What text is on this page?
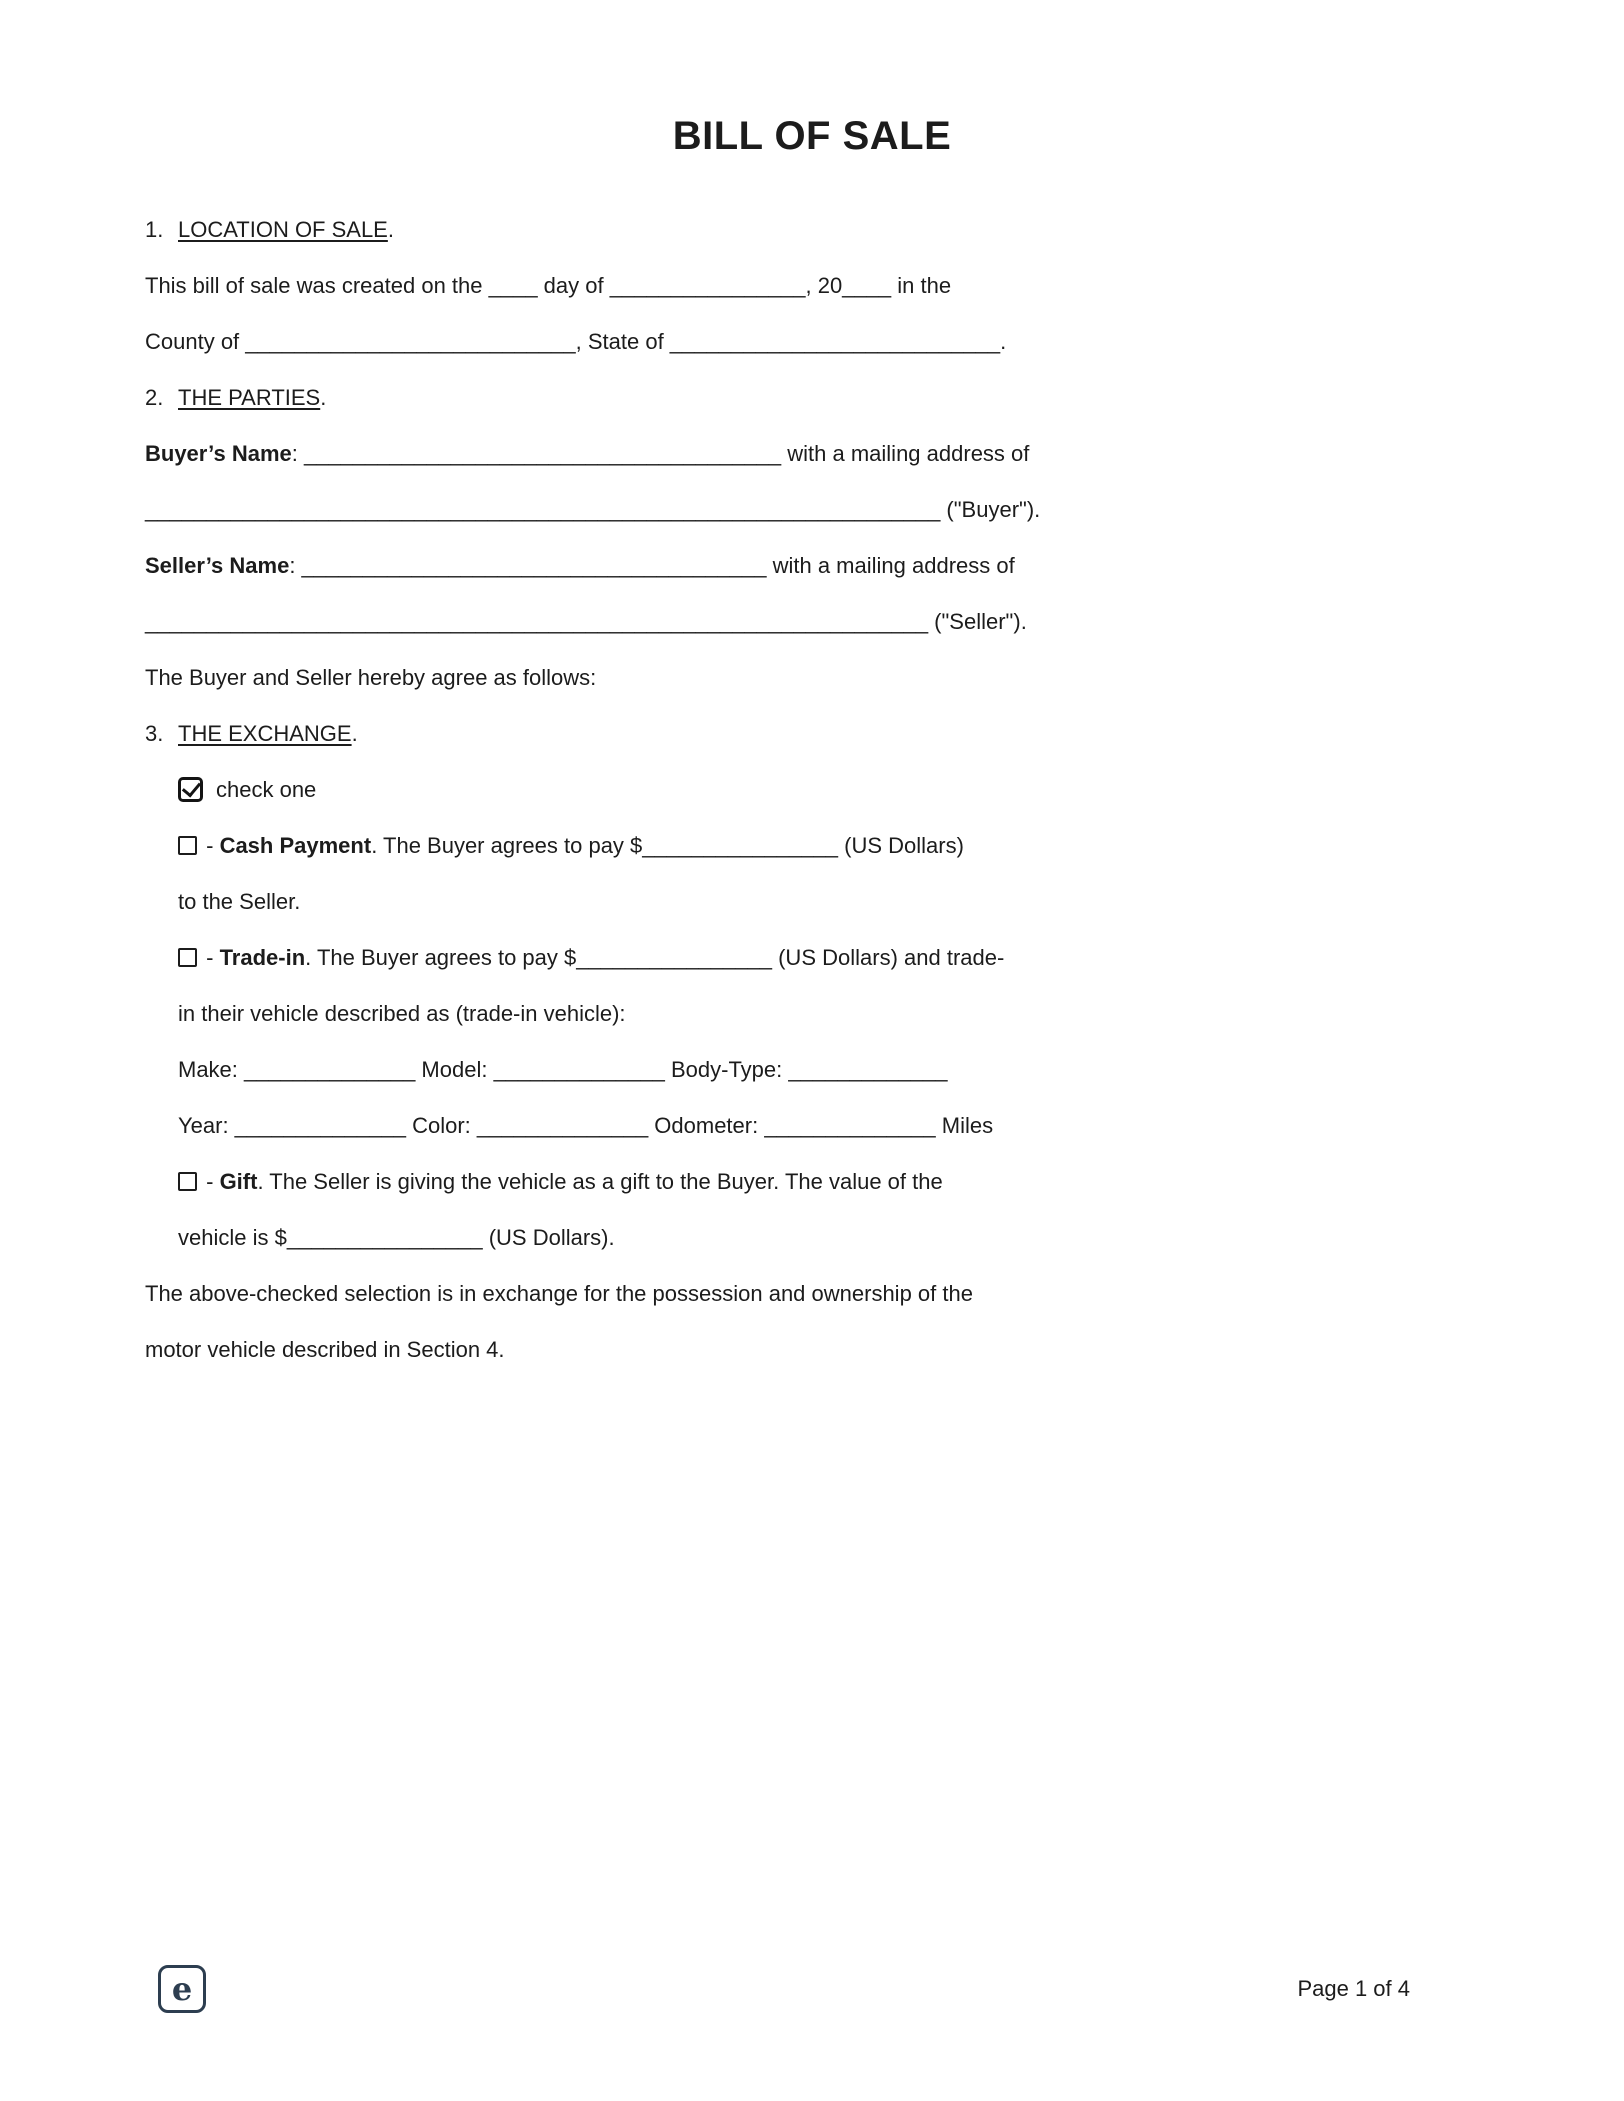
BILL OF SALE
1. LOCATION OF SALE.
This bill of sale was created on the ____ day of ________________, 20____ in the
County of ___________________________, State of ___________________________.
2. THE PARTIES.
Buyer’s Name: _______________________________________ with a mailing address of
_________________________________________________________________ ("Buyer").
Seller’s Name: ______________________________________ with a mailing address of
________________________________________________________________ ("Seller").
The Buyer and Seller hereby agree as follows:
3. THE EXCHANGE.
check one
- Cash Payment. The Buyer agrees to pay $________________ (US Dollars)
to the Seller.
- Trade-in. The Buyer agrees to pay $________________ (US Dollars) and trade-
in their vehicle described as (trade-in vehicle):
Make: ______________ Model: ______________ Body-Type: _____________
Year: ______________ Color: ______________ Odometer: ______________ Miles
- Gift. The Seller is giving the vehicle as a gift to the Buyer. The value of the
vehicle is $________________ (US Dollars).
The above-checked selection is in exchange for the possession and ownership of the
motor vehicle described in Section 4.
e	Page 1 of 4
